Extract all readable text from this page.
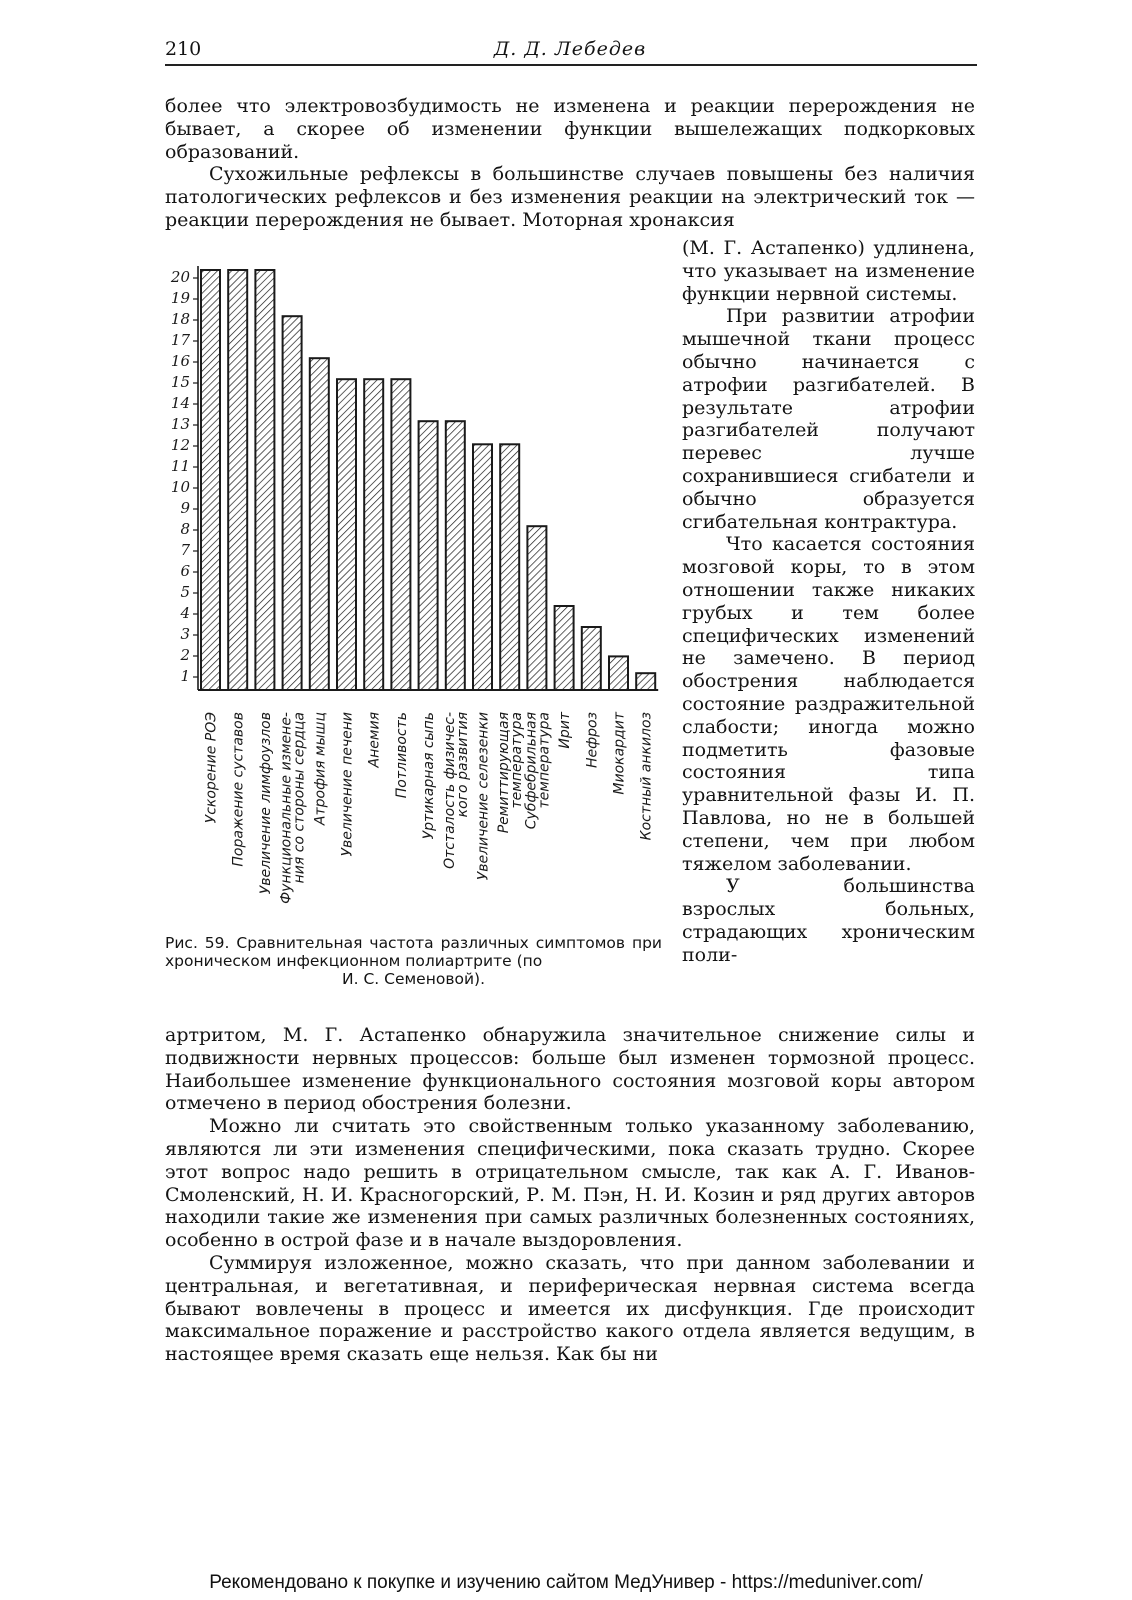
210	Д. Д. Лебедев

более что электровозбудимость не изменена и реакции перерождения не бывает, а скорее об изменении функции вышележащих подкорковых образований.

Сухожильные рефлексы в большинстве случаев повышены без наличия патологических рефлексов и без изменения реакции на электрический ток — реакции перерождения не бывает. Моторная хронаксия

1
2
3
4
5
6
7
8
9
10
11
12
13
14
15
16
17
18
19
20
Ускорение РОЭ Поражение суставов Увеличение лимфоузлов Функциональные измене-
ния со стороны сердца Атрофия мышц Увеличение печени Анемия Потливость Уртикарная сыпь Отсталость физичес-
кого развития Увеличение селезенки Ремиттирующая
температура
Субфебрильная
температура Ирит Нефроз Миокардит Костный анкилоз

(М. Г. Астапенко) удлинена, что указывает на изменение функции нервной системы.

При развитии атрофии мышечной ткани процесс обычно начинается с атрофии разгибателей. В результате атрофии разгибателей получают перевес лучше сохранившиеся сгибатели и обычно образуется сгибательная контрактура.

Что касается состояния мозговой коры, то в этом отношении также никаких грубых и тем более специфических изменений не замечено. В период обострения наблюдается состояние раздражительной слабости; иногда можно подметить фазовые состояния типа уравнительной фазы И. П. Павлова, но не в большей степени, чем при любом тяжелом заболевании.

У большинства взрослых больных, страдающих хроническим поли-

Рис. 59. Сравнительная частота различных симптомов при хроническом инфекционном полиартрите (по
И. С. Семеновой).

артритом, М. Г. Астапенко обнаружила значительное снижение силы и подвижности нервных процессов: больше был изменен тормозной процесс. Наибольшее изменение функционального состояния мозговой коры автором отмечено в период обострения болезни.

Можно ли считать это свойственным только указанному заболеванию, являются ли эти изменения специфическими, пока сказать трудно. Скорее этот вопрос надо решить в отрицательном смысле, так как А. Г. Иванов-Смоленский, Н. И. Красногорский, Р. М. Пэн, Н. И. Козин и ряд других авторов находили такие же изменения при самых различных болезненных состояниях, особенно в острой фазе и в начале выздоровления.

Суммируя изложенное, можно сказать, что при данном заболевании и центральная, и вегетативная, и периферическая нервная система всегда бывают вовлечены в процесс и имеется их дисфункция. Где происходит максимальное поражение и расстройство какого отдела является ведущим, в настоящее время сказать еще нельзя. Как бы ни

Рекомендовано к покупке и изучению сайтом МедУнивер - https://meduniver.com/
